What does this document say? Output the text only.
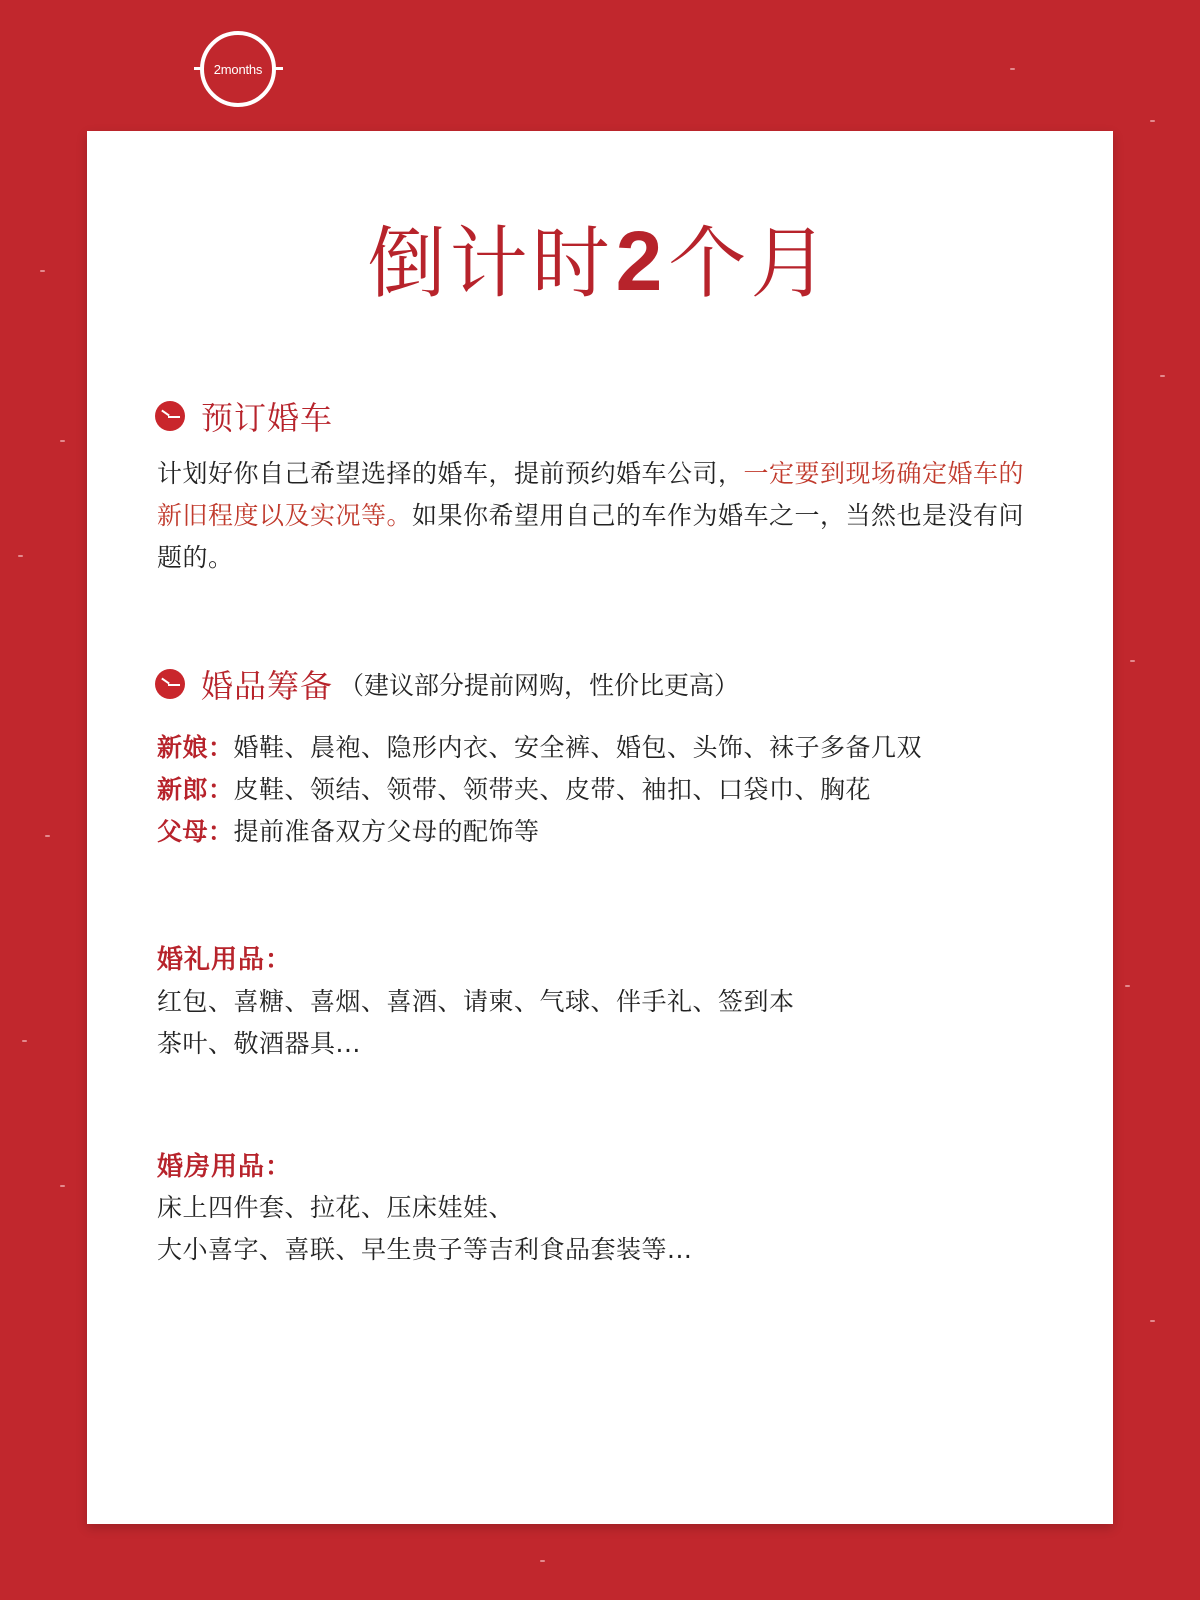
2months
倒计时2个月
预订婚车
计划好你自己希望选择的婚车，提前预约婚车公司，一定要到现场确定婚车的新旧程度以及实况等。如果你希望用自己的车作为婚车之一，当然也是没有问题的。
婚品筹备 （建议部分提前网购，性价比更高）
新娘：婚鞋、晨袍、隐形内衣、安全裤、婚包、头饰、袜子多备几双
新郎：皮鞋、领结、领带、领带夹、皮带、袖扣、口袋巾、胸花
父母：提前准备双方父母的配饰等
婚礼用品：
红包、喜糖、喜烟、喜酒、请柬、气球、伴手礼、签到本
茶叶、敬酒器具...
婚房用品：
床上四件套、拉花、压床娃娃、
大小喜字、喜联、早生贵子等吉利食品套装等...
